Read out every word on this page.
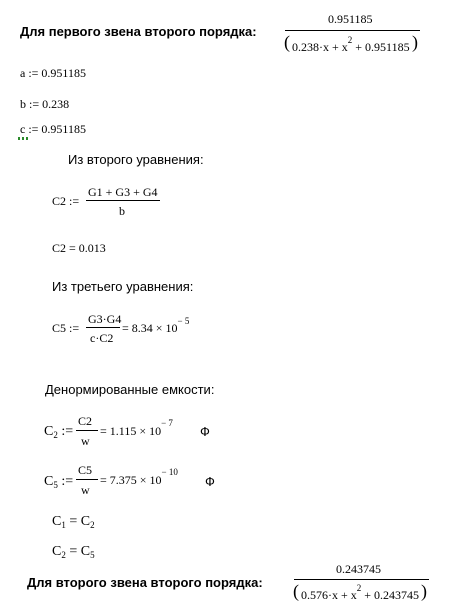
Для первого звена второго порядка:
0.951185
( $0.238\cdot x + x^2 + 0.951185$ )
a := 0.951185
b := 0.238
c := 0.951185
Из второго уравнения:
C2 :=
G1 + G3 + G4
b
C2 = 0.013
Из третьего уравнения:
C5 :=
G3·G4
c·C2
= $8.34 \times 10^{- 5}$
Денормированные емкости:
$C_2$ :=
C2
w
= $1.115 \times 10^{- 7}$
Ф
$C_5$ :=
C5
w
= $7.375 \times 10^{- 10}$
Ф
$C_1 = C_2$
$C_2 = C_5$
Для второго звена второго порядка:
0.243745
( $0.576\cdot x + x^2 + 0.243745$ )
